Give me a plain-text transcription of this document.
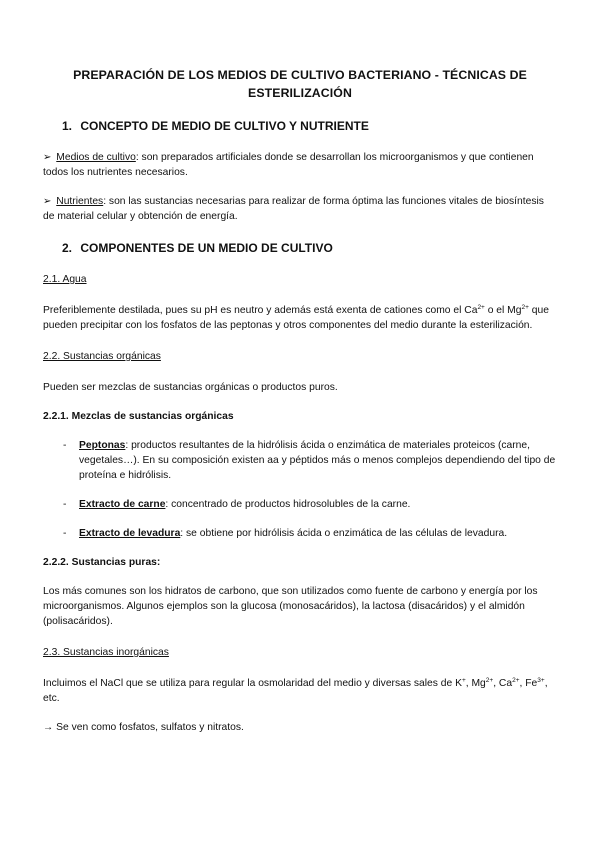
PREPARACIÓN DE LOS MEDIOS DE CULTIVO BACTERIANO - TÉCNICAS DE ESTERILIZACIÓN
1. CONCEPTO DE MEDIO DE CULTIVO Y NUTRIENTE
➢ Medios de cultivo: son preparados artificiales donde se desarrollan los microorganismos y que contienen todos los nutrientes necesarios.
➢ Nutrientes: son las sustancias necesarias para realizar de forma óptima las funciones vitales de biosíntesis de material celular y obtención de energía.
2. COMPONENTES DE UN MEDIO DE CULTIVO
2.1. Agua
Preferiblemente destilada, pues su pH es neutro y además está exenta de cationes como el $Ca^{2+}$ o el $Mg^{2+}$ que pueden precipitar con los fosfatos de las peptonas y otros componentes del medio durante la esterilización.
2.2. Sustancias orgánicas
Pueden ser mezclas de sustancias orgánicas o productos puros.
2.2.1. Mezclas de sustancias orgánicas
- Peptonas: productos resultantes de la hidrólisis ácida o enzimática de materiales proteicos (carne, vegetales…). En su composición existen aa y péptidos más o menos complejos dependiendo del tipo de proteína e hidrólisis.
- Extracto de carne: concentrado de productos hidrosolubles de la carne.
- Extracto de levadura: se obtiene por hidrólisis ácida o enzimática de las células de levadura.
2.2.2. Sustancias puras:
Los más comunes son los hidratos de carbono, que son utilizados como fuente de carbono y energía por los microorganismos. Algunos ejemplos son la glucosa (monosacáridos), la lactosa (disacáridos) y el almidón (polisacáridos).
2.3. Sustancias inorgánicas
Incluimos el NaCl que se utiliza para regular la osmolaridad del medio y diversas sales de K+, $Mg^{2+}$, $Ca^{2+}$, $Fe^{3+}$, etc.
→ Se ven como fosfatos, sulfatos y nitratos.
